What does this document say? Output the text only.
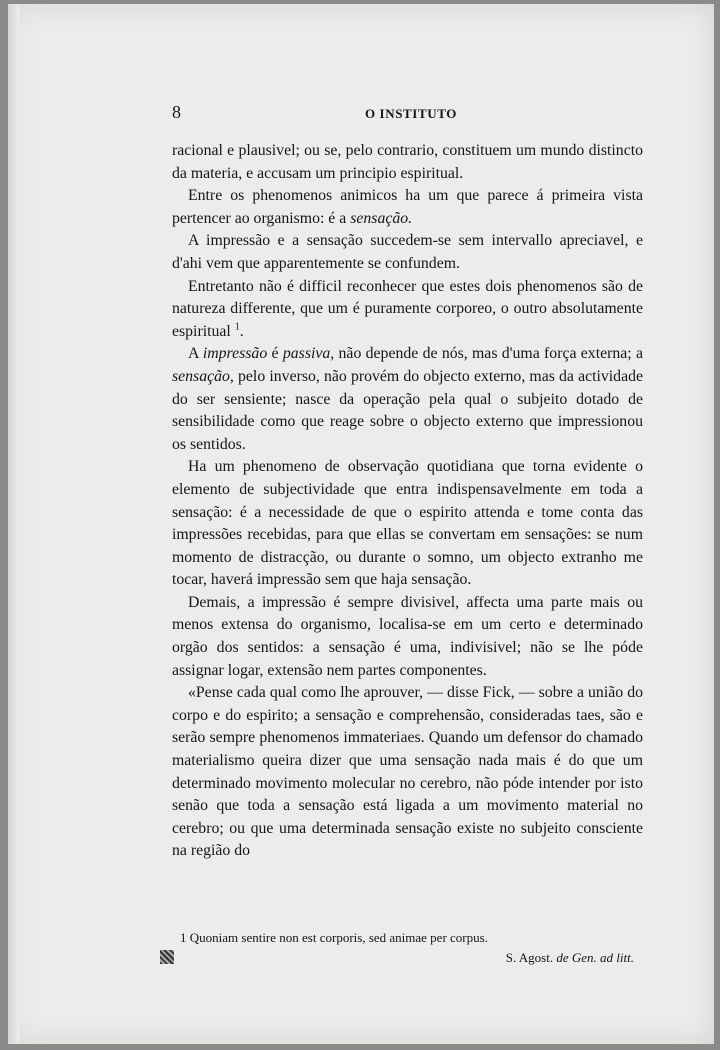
8	O INSTITUTO

racional e plausivel; ou se, pelo contrario, constituem um mundo distincto da materia, e accusam um principio espiritual.

Entre os phenomenos animicos ha um que parece á primeira vista pertencer ao organismo: é a sensação.

A impressão e a sensação succedem-se sem intervallo apreciavel, e d'ahi vem que apparentemente se confundem.

Entretanto não é difficil reconhecer que estes dois phenomenos são de natureza differente, que um é puramente corporeo, o outro absolutamente espiritual $^1$.

A impressão é passiva, não depende de nós, mas d'uma força externa; a sensação, pelo inverso, não provém do objecto externo, mas da actividade do ser sensiente; nasce da operação pela qual o subjeito dotado de sensibilidade como que reage sobre o objecto externo que impressionou os sentidos.

Ha um phenomeno de observação quotidiana que torna evidente o elemento de subjectividade que entra indispensavelmente em toda a sensação: é a necessidade de que o espirito attenda e tome conta das impressões recebidas, para que ellas se convertam em sensações: se num momento de distracção, ou durante o somno, um objecto extranho me tocar, haverá impressão sem que haja sensação.

Demais, a impressão é sempre divisivel, affecta uma parte mais ou menos extensa do organismo, localisa-se em um certo e determinado orgão dos sentidos: a sensação é uma, indivisivel; não se lhe póde assignar logar, extensão nem partes componentes.

«Pense cada qual como lhe aprouver, — disse Fick, — sobre a união do corpo e do espirito; a sensação e comprehensão, consideradas taes, são e serão sempre phenomenos immateriaes. Quando um defensor do chamado materialismo queira dizer que uma sensação nada mais é do que um determinado movimento molecular no cerebro, não póde intender por isto senão que toda a sensação está ligada a um movimento material no cerebro; ou que uma determinada sensação existe no subjeito consciente na região do

1 Quoniam sentire non est corporis, sed animae per corpus.
S. Agost. de Gen. ad litt.
